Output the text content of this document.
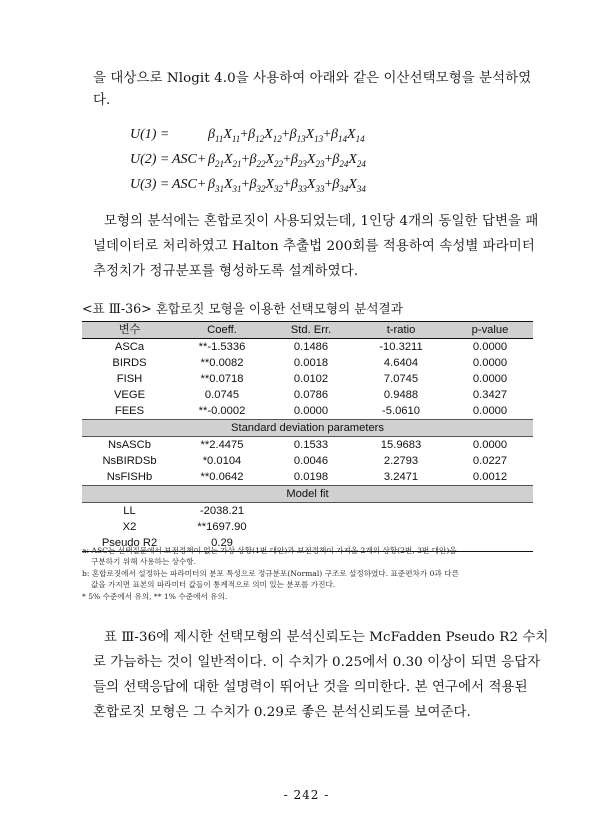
을 대상으로 Nlogit 4.0을 사용하여 아래와 같은 이산선택모형을 분석하였
다.
U(1) =	$\beta_{11}X_{11}+\beta_{12}X_{12}+\beta_{13}X_{13}+\beta_{14}X_{14}$
$U(2) = ASC+ \beta_{21}X_{21}+\beta_{22}X_{22}+\beta_{23}X_{23}+\beta_{24}X_{24}$
$U(3) = ASC+ \beta_{31}X_{31}+\beta_{32}X_{32}+\beta_{33}X_{33}+\beta_{34}X_{34}$
모형의 분석에는 혼합로짓이 사용되었는데, 1인당 4개의 동일한 답변을 패
널데이터로 처리하였고 Halton 추출법 200회를 적용하여 속성별 파라미터
추정치가 정규분포를 형성하도록 설계하였다.
<표 Ⅲ-36> 혼합로짓 모형을 이용한 선택모형의 분석결과
변수	Coeff.	Std. Err.	t-ratio	p-value
ASCa	**-1.5336	0.1486	-10.3211	0.0000
BIRDS	**0.0082	0.0018	4.6404	0.0000
FISH	**0.0718	0.0102	7.0745	0.0000
VEGE	0.0745	0.0786	0.9488	0.3427
FEES	**-0.0002	0.0000	-5.0610	0.0000
Standard deviation parameters				
NsASCb	**2.4475	0.1533	15.9683	0.0000
NsBIRDSb	*0.0104	0.0046	2.2793	0.0227
NsFISHb	**0.0642	0.0198	3.2471	0.0012
Model fit				
LL	-2038.21			
X2	**1697.90			
Pseudo R2	0.29			
a: ASC는 선택질문에서 보전정책이 없는 가상 상황(1번 대안)과 보전정책이 가져올 2개의 상황(2번, 3번 대안)을
구분하기 위해 사용하는 상수항.
b: 혼합로짓에서 설정하는 파라미터의 분포 특성으로 정규분포(Normal) 구조로 설정하였다. 표준편차가 0과 다른
값을 가지면 표본의 파라미터 값들이 통계적으로 의미 있는 분포를 가진다.
* 5% 수준에서 유의, ** 1% 수준에서 유의.
표 Ⅲ-36에 제시한 선택모형의 분석신뢰도는 McFadden Pseudo R2 수치
로 가늠하는 것이 일반적이다. 이 수치가 0.25에서 0.30 이상이 되면 응답자
들의 선택응답에 대한 설명력이 뛰어난 것을 의미한다. 본 연구에서 적용된
혼합로짓 모형은 그 수치가 0.29로 좋은 분석신뢰도를 보여준다.
- 242 -
